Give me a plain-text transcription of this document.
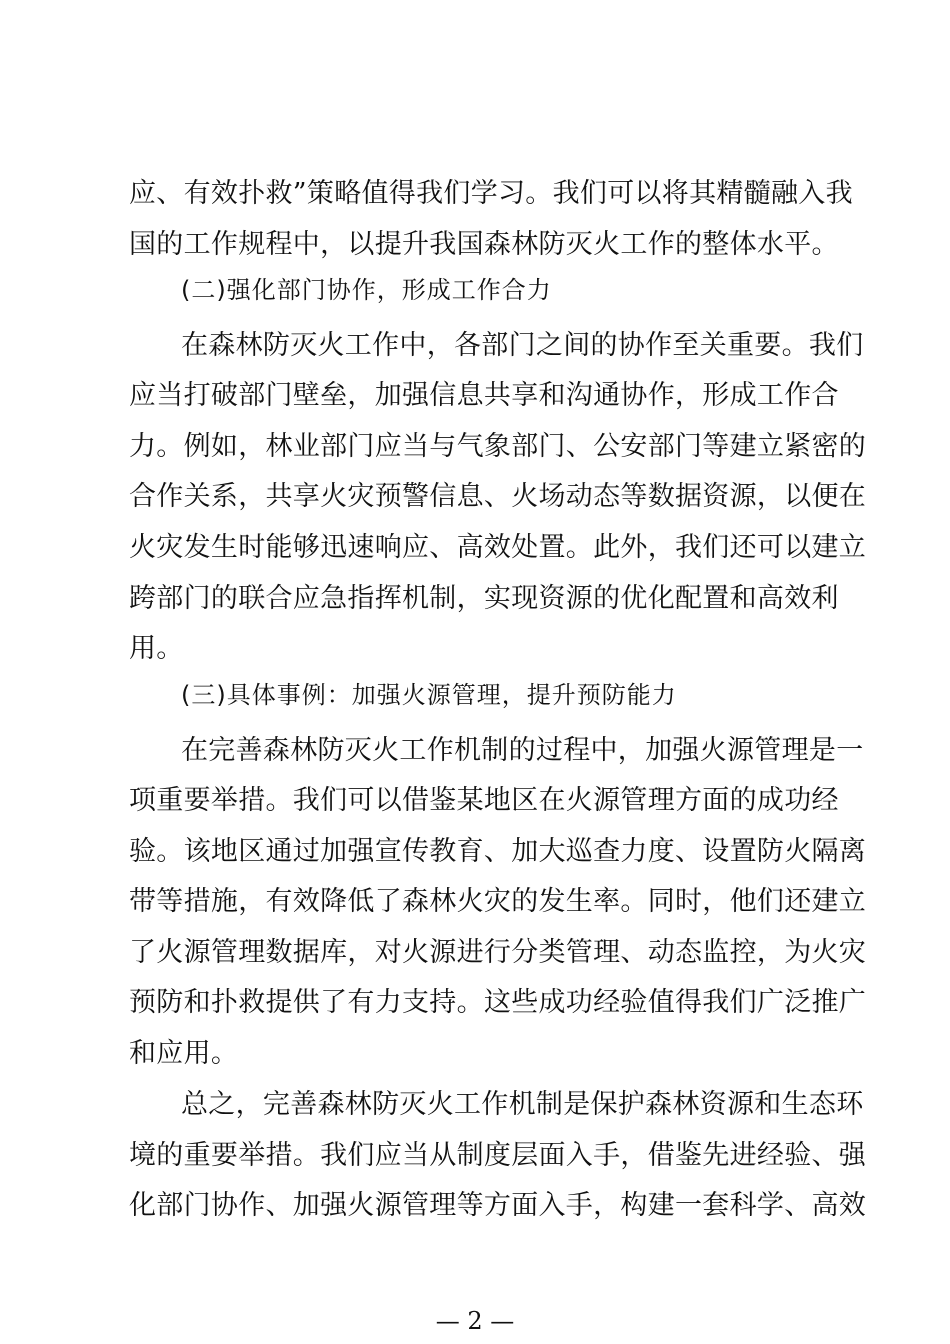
应、有效扑救”策略值得我们学习。我们可以将其精髓融入我
国的工作规程中，以提升我国森林防灭火工作的整体水平。
(二)强化部门协作，形成工作合力
在森林防灭火工作中，各部门之间的协作至关重要。我们
应当打破部门壁垒，加强信息共享和沟通协作，形成工作合
力。例如，林业部门应当与气象部门、公安部门等建立紧密的
合作关系，共享火灾预警信息、火场动态等数据资源，以便在
火灾发生时能够迅速响应、高效处置。此外，我们还可以建立
跨部门的联合应急指挥机制，实现资源的优化配置和高效利
用。
(三)具体事例：加强火源管理，提升预防能力
在完善森林防灭火工作机制的过程中，加强火源管理是一
项重要举措。我们可以借鉴某地区在火源管理方面的成功经
验。该地区通过加强宣传教育、加大巡查力度、设置防火隔离
带等措施，有效降低了森林火灾的发生率。同时，他们还建立
了火源管理数据库，对火源进行分类管理、动态监控，为火灾
预防和扑救提供了有力支持。这些成功经验值得我们广泛推广
和应用。
总之，完善森林防灭火工作机制是保护森林资源和生态环
境的重要举措。我们应当从制度层面入手，借鉴先进经验、强
化部门协作、加强火源管理等方面入手，构建一套科学、高效
— 2 —
